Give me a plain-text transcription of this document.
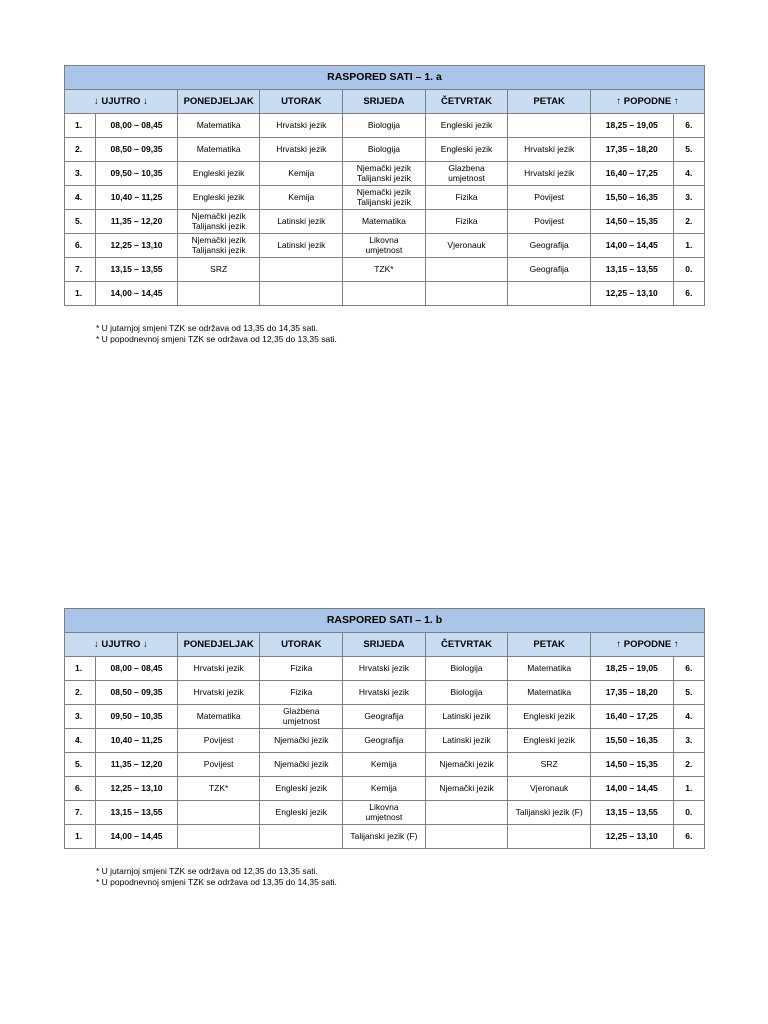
RASPORED SATI – 1. a								
↓ UJUTRO ↓		PONEDJELJAK	UTORAK	SRIJEDA	ČETVRTAK	PETAK	↑ POPODNE ↑	
1.	08,00 – 08,45	Matematika	Hrvatski jezik	Biologija	Engleski jezik		18,25 – 19,05	6.
2.	08,50 – 09,35	Matematika	Hrvatski jezik	Biologija	Engleski jezik	Hrvatski jezik	17,35 – 18,20	5.
3.	09,50 – 10,35	Engleski jezik	Kemija	Njemački jezik
Talijanski jezik	Glazbena
umjetnost	Hrvatski jezik	16,40 – 17,25	4.
4.	10,40 – 11,25	Engleski jezik	Kemija	Njemački jezik
Talijanski jezik	Fizika	Povijest	15,50 – 16,35	3.
5.	11,35 – 12,20	Njemački jezik
Talijanski jezik	Latinski jezik	Matematika	Fizika	Povijest	14,50 – 15,35	2.
6.	12,25 – 13,10	Njemački jezik
Talijanski jezik	Latinski jezik	Likovna
umjetnost	Vjeronauk	Geografija	14,00 – 14,45	1.
7.	13,15 – 13,55	SRZ		TZK*		Geografija	13,15 – 13,55	0.
1.	14,00 – 14,45						12,25 – 13,10	6.
* U jutarnjoj smjeni TZK se održava od 13,35 do 14,35 sati.
* U popodnevnoj smjeni TZK se održava od 12,35 do 13,35 sati.
RASPORED SATI – 1. b								
↓ UJUTRO ↓		PONEDJELJAK	UTORAK	SRIJEDA	ČETVRTAK	PETAK	↑ POPODNE ↑	
1.	08,00 – 08,45	Hrvatski jezik	Fizika	Hrvatski jezik	Biologija	Matematika	18,25 – 19,05	6.
2.	08,50 – 09,35	Hrvatski jezik	Fizika	Hrvatski jezik	Biologija	Matematika	17,35 – 18,20	5.
3.	09,50 – 10,35	Matematika	Glazbena
umjetnost	Geografija	Latinski jezik	Engleski jezik	16,40 – 17,25	4.
4.	10,40 – 11,25	Povijest	Njemački jezik	Geografija	Latinski jezik	Engleski jezik	15,50 – 16,35	3.
5.	11,35 – 12,20	Povijest	Njemački jezik	Kemija	Njemački jezik	SRZ	14,50 – 15,35	2.
6.	12,25 – 13,10	TZK*	Engleski jezik	Kemija	Njemački jezik	Vjeronauk	14,00 – 14,45	1.
7.	13,15 – 13,55		Engleski jezik	Likovna
umjetnost		Talijanski jezik (F)	13,15 – 13,55	0.
1.	14,00 – 14,45			Talijanski jezik (F)			12,25 – 13,10	6.
* U jutarnjoj smjeni TZK se održava od 12,35 do 13,35 sati.
* U popodnevnoj smjeni TZK se održava od 13,35 do 14,35 sati.
